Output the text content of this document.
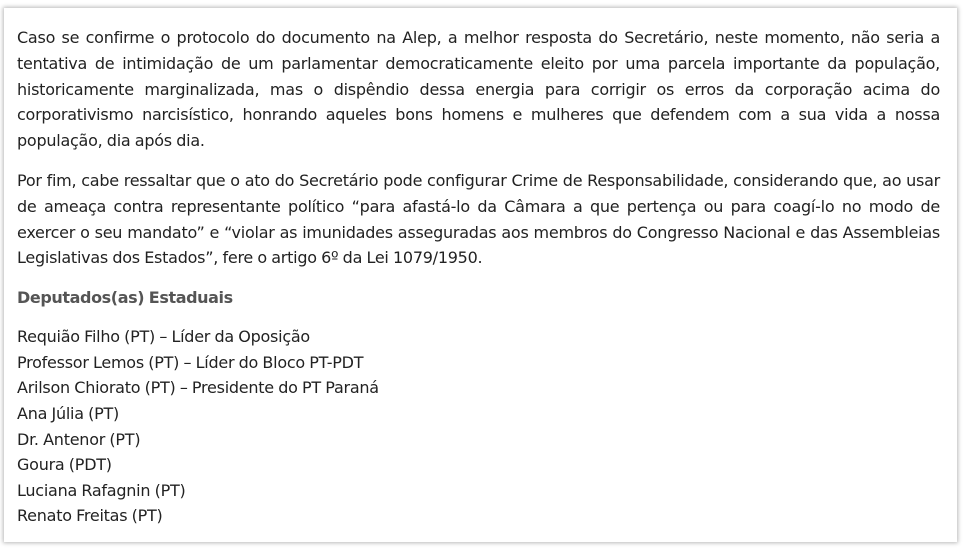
Caso se confirme o protocolo do documento na Alep, a melhor resposta do Secretário, neste momento, não seria a tentativa de intimidação de um parlamentar democraticamente eleito por uma parcela importante da população, historicamente marginalizada, mas o dispêndio dessa energia para corrigir os erros da corporação acima do corporativismo narcisístico, honrando aqueles bons homens e mulheres que defendem com a sua vida a nossa população, dia após dia.

Por fim, cabe ressaltar que o ato do Secretário pode configurar Crime de Responsabilidade, considerando que, ao usar de ameaça contra representante político “para afastá-lo da Câmara a que pertença ou para coagí-lo no modo de exercer o seu mandato” e “violar as imunidades asseguradas aos membros do Congresso Nacional e das Assembleias Legislativas dos Estados”, fere o artigo 6º da Lei 1079/1950.

Deputados(as) Estaduais
Requião Filho (PT) – Líder da Oposição
Professor Lemos (PT) – Líder do Bloco PT-PDT
Arilson Chiorato (PT) – Presidente do PT Paraná
Ana Júlia (PT)
Dr. Antenor (PT)
Goura (PDT)
Luciana Rafagnin (PT)
Renato Freitas (PT)
